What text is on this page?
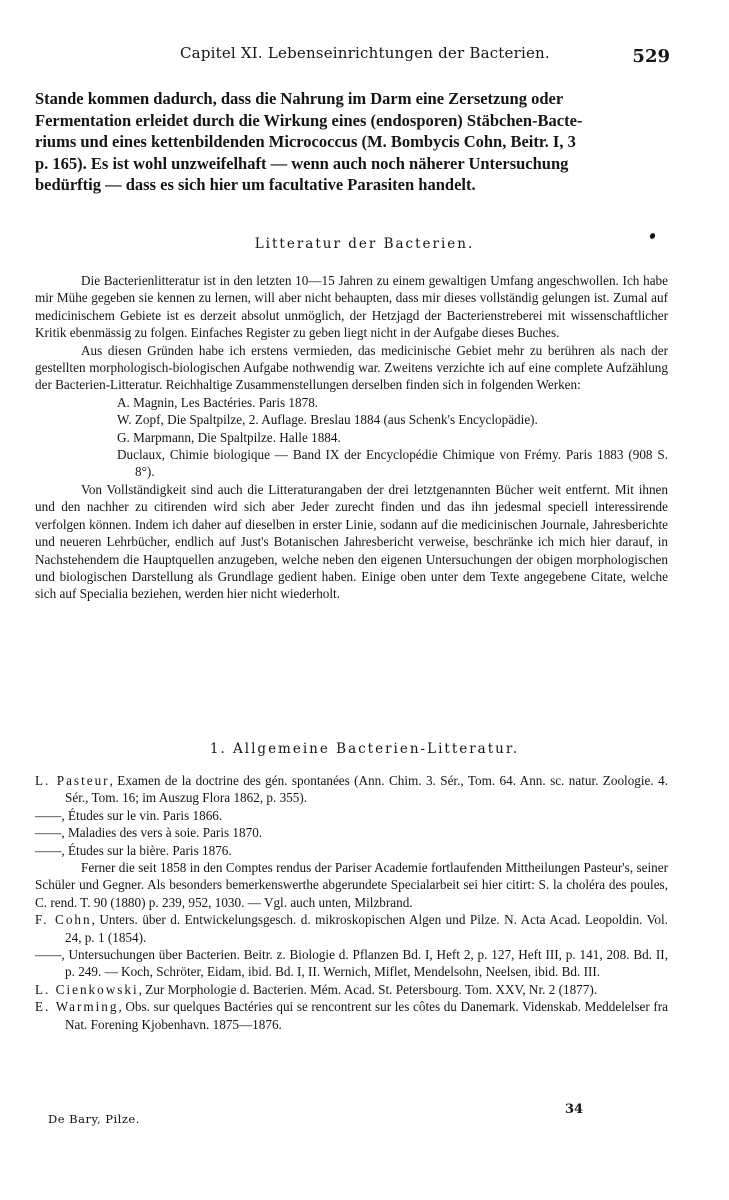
Capitel XI. Lebenseinrichtungen der Bacterien.	529
Stande kommen dadurch, dass die Nahrung im Darm eine Zersetzung oder
Fermentation erleidet durch die Wirkung eines (endosporen) Stäbchen-Bacte-
riums und eines kettenbildenden Micrococcus (M. Bombycis Cohn, Beitr. I, 3
p. 165). Es ist wohl unzweifelhaft — wenn auch noch näherer Untersuchung
bedürftig — dass es sich hier um facultative Parasiten handelt.
Litteratur der Bacterien.

Die Bacterienlitteratur ist in den letzten 10—15 Jahren zu einem gewaltigen Umfang angeschwollen. Ich habe mir Mühe gegeben sie kennen zu lernen, will aber nicht behaupten, dass mir dieses vollständig gelungen ist. Zumal auf medicinischem Gebiete ist es derzeit absolut unmöglich, der Hetzjagd der Bacterienstreberei mit wissenschaftlicher Kritik ebenmässig zu folgen. Einfaches Register zu geben liegt nicht in der Aufgabe dieses Buches.

Aus diesen Gründen habe ich erstens vermieden, das medicinische Gebiet mehr zu berühren als nach der gestellten morphologisch-biologischen Aufgabe nothwendig war. Zweitens verzichte ich auf eine complete Aufzählung der Bacterien-Litteratur. Reichhaltige Zusammenstellungen derselben finden sich in folgenden Werken:

A. Magnin, Les Bactéries. Paris 1878.

W. Zopf, Die Spaltpilze, 2. Auflage. Breslau 1884 (aus Schenk's Encyclopädie).

G. Marpmann, Die Spaltpilze. Halle 1884.

Duclaux, Chimie biologique — Band IX der Encyclopédie Chimique von Frémy. Paris 1883 (908 S. 8°).

Von Vollständigkeit sind auch die Litteraturangaben der drei letztgenannten Bücher weit entfernt. Mit ihnen und den nachher zu citirenden wird sich aber Jeder zurecht finden und das ihn jedesmal speciell interessirende verfolgen können. Indem ich daher auf dieselben in erster Linie, sodann auf die medicinischen Journale, Jahresberichte und neueren Lehrbücher, endlich auf Just's Botanischen Jahresbericht verweise, beschränke ich mich hier darauf, in Nachstehendem die Hauptquellen anzugeben, welche neben den eigenen Untersuchungen der obigen morphologischen und biologischen Darstellung als Grundlage gedient haben. Einige oben unter dem Texte angegebene Citate, welche sich auf Specialia beziehen, werden hier nicht wiederholt.

1. Allgemeine Bacterien-Litteratur.

L. Pasteur, Examen de la doctrine des gén. spontanées (Ann. Chim. 3. Sér., Tom. 64. Ann. sc. natur. Zoologie. 4. Sér., Tom. 16; im Auszug Flora 1862, p. 355).

——, Études sur le vin. Paris 1866.

——, Maladies des vers à soie. Paris 1870.

——, Études sur la bière. Paris 1876.

Ferner die seit 1858 in den Comptes rendus der Pariser Academie fortlaufenden Mittheilungen Pasteur's, seiner Schüler und Gegner. Als besonders bemerkenswerthe abgerundete Specialarbeit sei hier citirt: S. la choléra des poules, C. rend. T. 90 (1880) p. 239, 952, 1030. — Vgl. auch unten, Milzbrand.

F. Cohn, Unters. über d. Entwickelungsgesch. d. mikroskopischen Algen und Pilze. N. Acta Acad. Leopoldin. Vol. 24, p. 1 (1854).

——, Untersuchungen über Bacterien. Beitr. z. Biologie d. Pflanzen Bd. I, Heft 2, p. 127, Heft III, p. 141, 208. Bd. II, p. 249. — Koch, Schröter, Eidam, ibid. Bd. I, II. Wernich, Miflet, Mendelsohn, Neelsen, ibid. Bd. III.

L. Cienkowski, Zur Morphologie d. Bacterien. Mém. Acad. St. Petersbourg. Tom. XXV, Nr. 2 (1877).

E. Warming, Obs. sur quelques Bactéries qui se rencontrent sur les côtes du Danemark. Videnskab. Meddelelser fra Nat. Forening Kjobenhavn. 1875—1876.

De Bary, Pilze.
34
